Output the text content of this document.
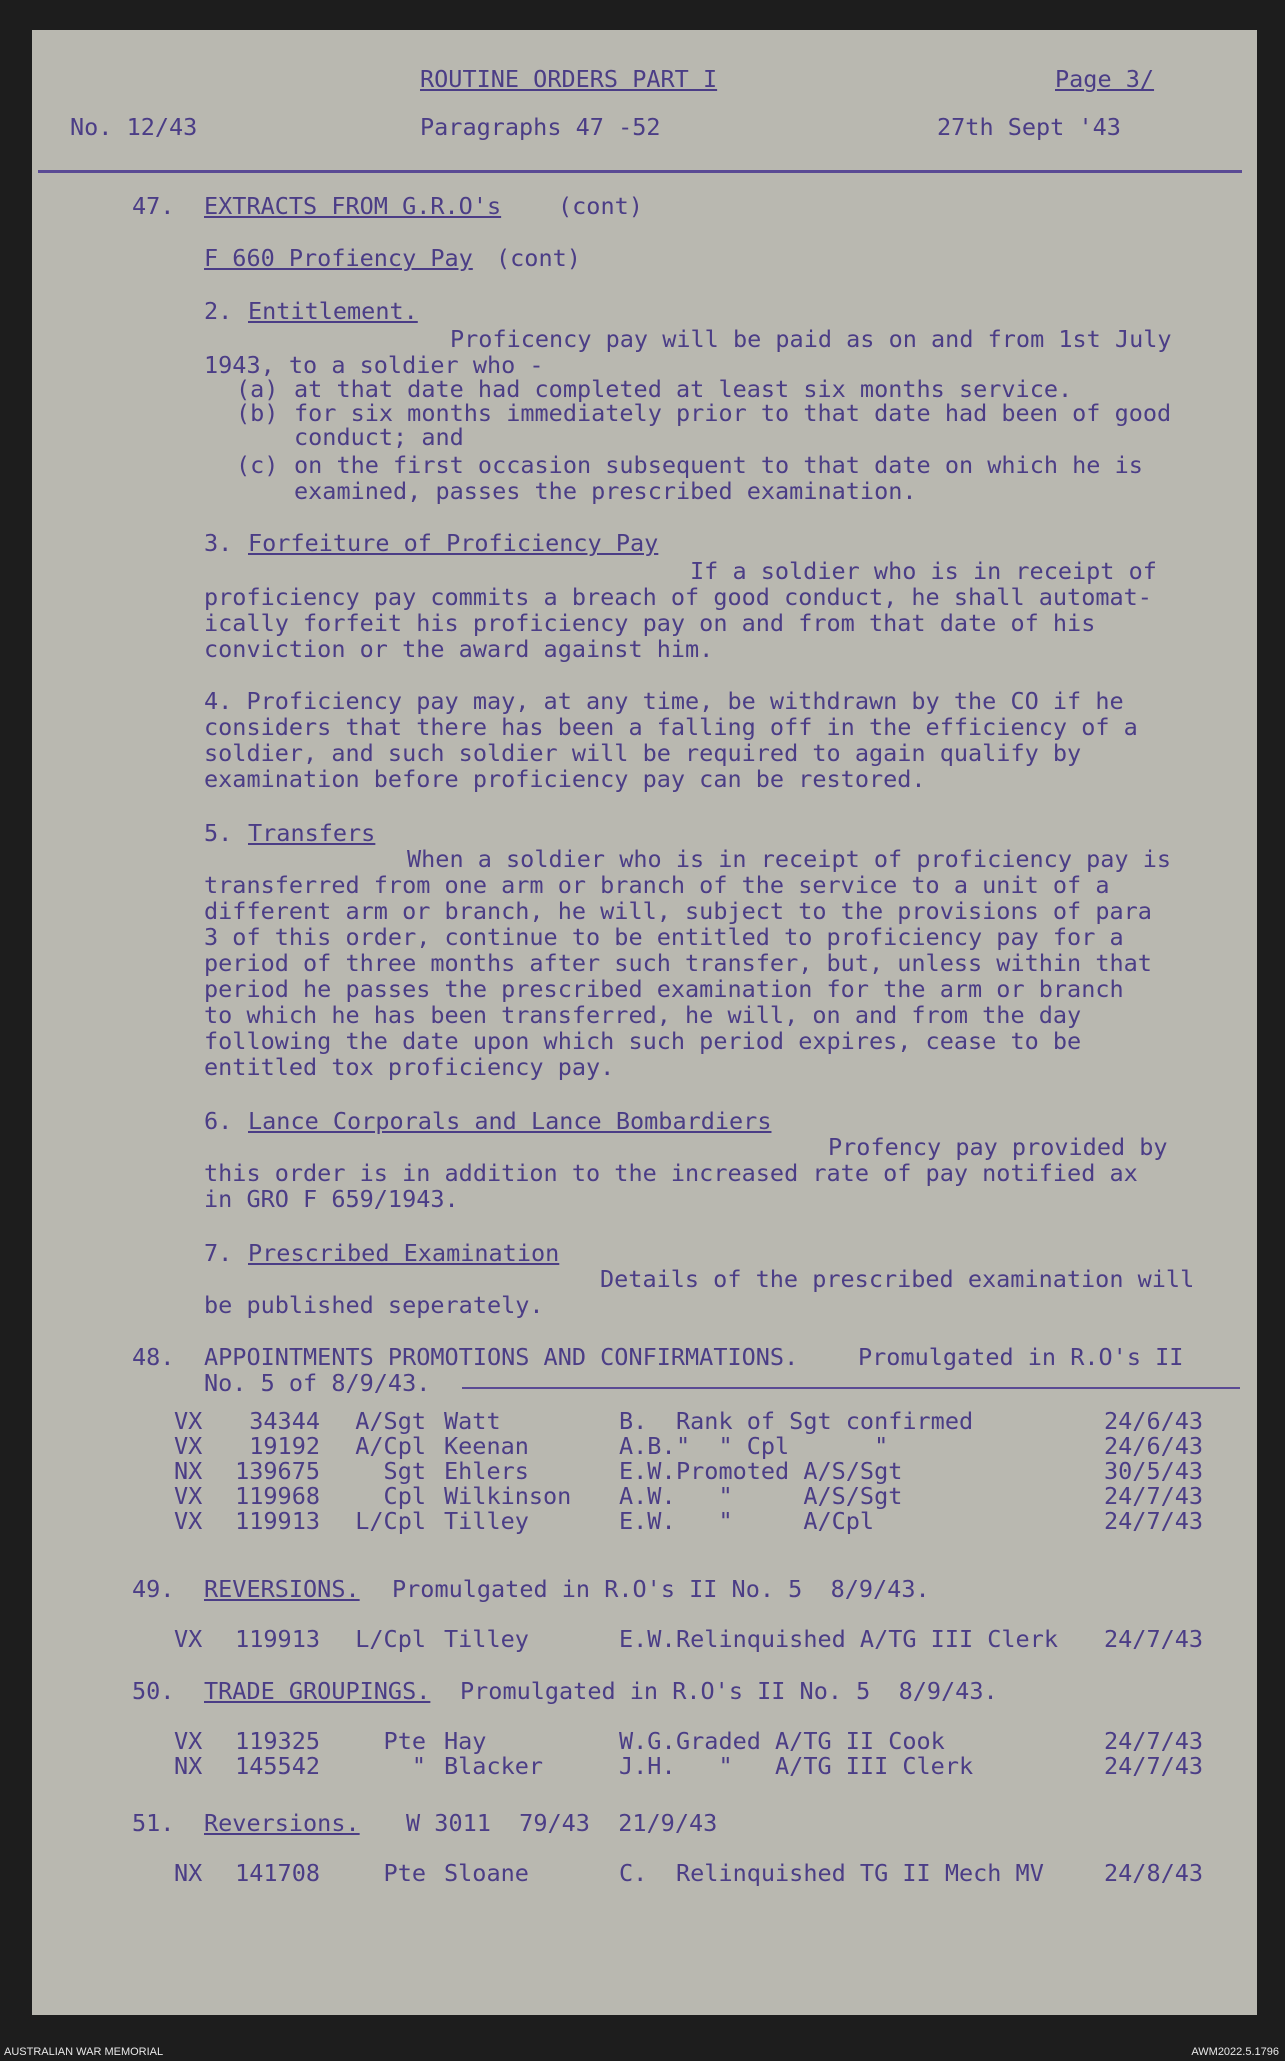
ROUTINE ORDERS PART I	Page 3/
No. 12/43	Paragraphs 47 -52	27th Sept '43
47. EXTRACTS FROM G.R.O's (cont)
F 660 Profiency Pay (cont)
2. Entitlement.
Proficency pay will be paid as on and from 1st July
1943, to a soldier who -
(a) at that date had completed at least six months service.
(b) for six months immediately prior to that date had been of good
conduct; and
(c) on the first occasion subsequent to that date on which he is
examined, passes the prescribed examination.
3. Forfeiture of Proficiency Pay
If a soldier who is in receipt of
proficiency pay commits a breach of good conduct, he shall automat-
ically forfeit his proficiency pay on and from that date of his
conviction or the award against him.
4. Proficiency pay may, at any time, be withdrawn by the CO if he
considers that there has been a falling off in the efficiency of a
soldier, and such soldier will be required to again qualify by
examination before proficiency pay can be restored.
5. Transfers
When a soldier who is in receipt of proficiency pay is
transferred from one arm or branch of the service to a unit of a
different arm or branch, he will, subject to the provisions of para
3 of this order, continue to be entitled to proficiency pay for a
period of three months after such transfer, but, unless within that
period he passes the prescribed examination for the arm or branch
to which he has been transferred, he will, on and from the day
following the date upon which such period expires, cease to be
entitled tox proficiency pay.
6. Lance Corporals and Lance Bombardiers
Profency pay provided by
this order is in addition to the increased rate of pay notified ax
in GRO F 659/1943.
7. Prescribed Examination
Details of the prescribed examination will
be published seperately.
48. APPOINTMENTS PROMOTIONS AND CONFIRMATIONS.	Promulgated in R.O's II
No. 5 of 8/9/43.
VX	34344	A/Sgt Watt	B. Rank of Sgt confirmed	24/6/43
VX	19192	A/Cpl Keenan	A.B. "  " Cpl      "	24/6/43
NX	139675	Sgt Ehlers	E.W. Promoted A/S/Sgt	30/5/43
VX	119968	Cpl Wilkinson A.W. "     A/S/Sgt	24/7/43
VX	119913	L/Cpl Tilley	E.W. "     A/Cpl	24/7/43
49. REVERSIONS. Promulgated in R.O's II No. 5  8/9/43.
VX	119913	L/Cpl Tilley	E.W. Relinquished A/TG III Clerk 24/7/43
50. TRADE GROUPINGS. Promulgated in R.O's II No. 5  8/9/43.
VX	119325	Pte Hay	W.G. Graded A/TG II Cook	24/7/43
NX	145542	" Blacker	J.H. "   A/TG III Clerk	24/7/43
51. Reversions. W 3011  79/43  21/9/43
NX	141708	Pte Sloane	C. Relinquished TG II Mech MV	24/8/43
AUSTRALIAN WAR MEMORIAL	AWM2022.5.1796
